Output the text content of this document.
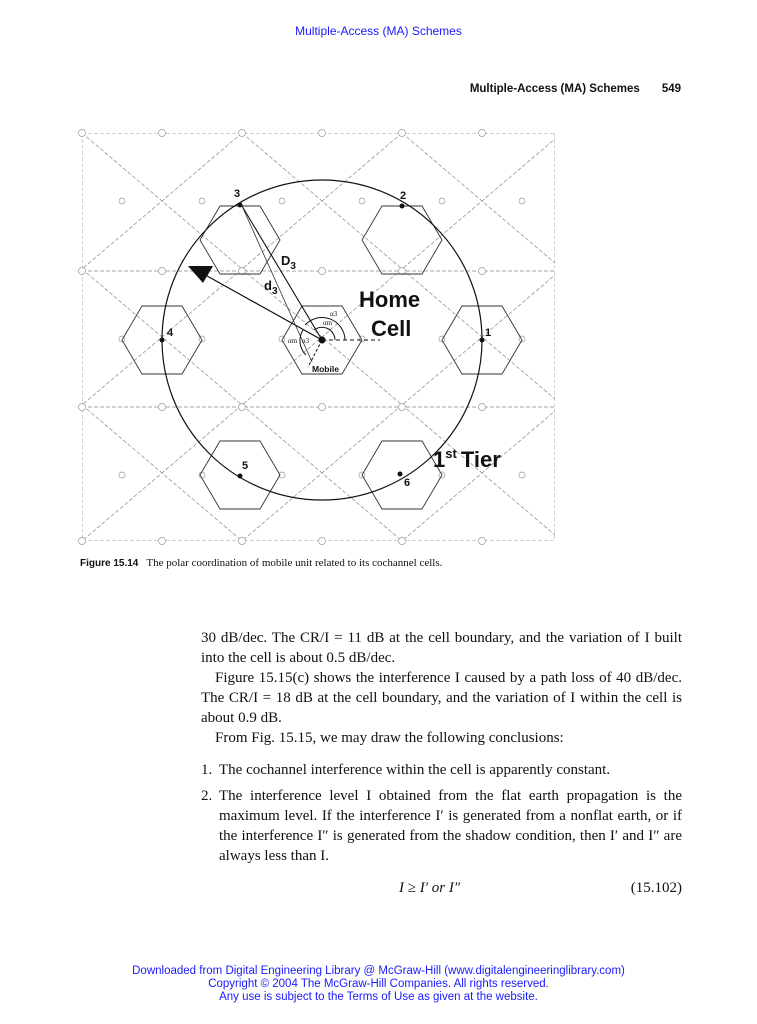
Multiple-Access (MA) Schemes
Multiple-Access (MA) Schemes 549
3	2
4	1
5
6
$D_3$
$d_3$	Home
Cell
Mobile
1st Tier
α3
αm
αm α3
Figure 15.14 The polar coordination of mobile unit related to its cochannel cells.

30 dB/dec. The CR/I = 11 dB at the cell boundary, and the variation of I built into the cell is about 0.5 dB/dec.

Figure 15.15(c) shows the interference I caused by a path loss of 40 dB/dec. The CR/I = 18 dB at the cell boundary, and the variation of I within the cell is about 0.9 dB.

From Fig. 15.15, we may draw the following conclusions:

1. The cochannel interference within the cell is apparently constant.
2. The interference level I obtained from the flat earth propagation is the maximum level. If the interference I′ is generated from a nonflat earth, or if the interference I″ is generated from the shadow condition, then I′ and I″ are always less than I.
I ≥ I′ or I″	(15.102)
Downloaded from Digital Engineering Library @ McGraw-Hill (www.digitalengineeringlibrary.com)
Copyright © 2004 The McGraw-Hill Companies. All rights reserved.
Any use is subject to the Terms of Use as given at the website.
